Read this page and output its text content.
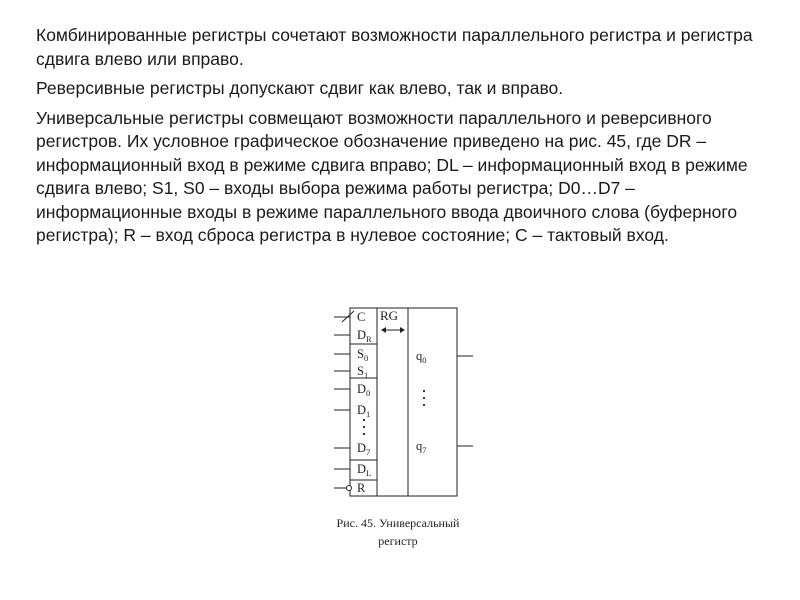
Комбинированные регистры сочетают возможности параллельного регистра и регистра сдвига влево или вправо.

Реверсивные регистры допускают сдвиг как влево, так и вправо.

Универсальные регистры совмещают возможности параллельного и реверсивного регистров. Их условное графическое обозначение приведено на рис. 45, где DR – информационный вход в режиме сдвига вправо; DL – информационный вход в режиме сдвига влево; S1, S0 – входы выбора режима работы регистра; D0…D7 – информационные входы в режиме параллельного ввода двоичного слова (буферного регистра); R – вход сброса регистра в нулевое состояние; C – тактовый вход.

RG
C
$D_R$
$S_0$
$S_1$
$D_0$
$D_1$
$D_7$
$D_L$
R
$q_0$
$q_7$
Рис. 45. Универсальный
регистр
